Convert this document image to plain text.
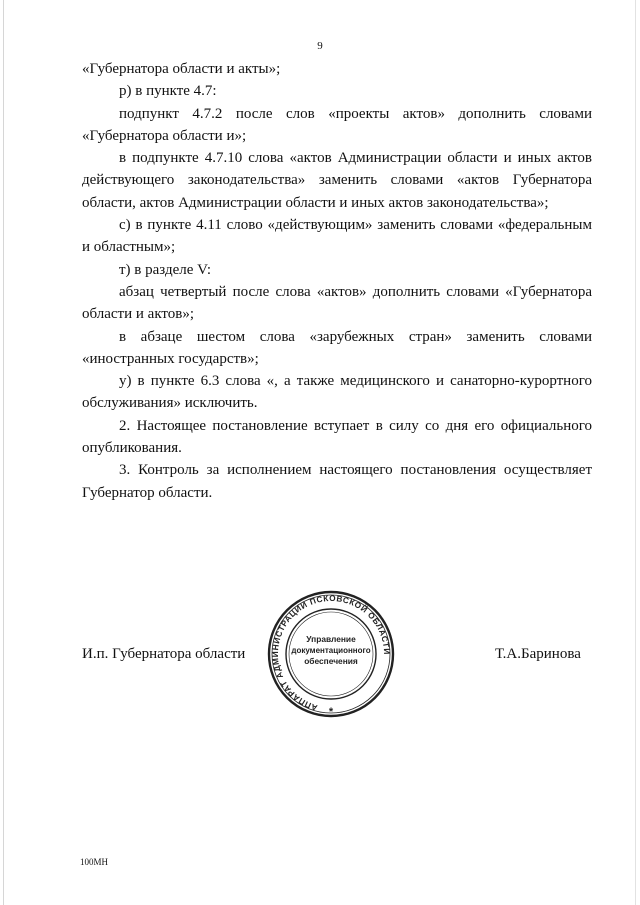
9

«Губернатора области и акты»;

р) в пункте 4.7:

подпункт 4.7.2 после слов «проекты актов» дополнить словами «Губернатора области и»;

в подпункте 4.7.10 слова «актов Администрации области и иных актов действующего законодательства» заменить словами «актов Губернатора области, актов Администрации области и иных актов законодательства»;

с) в пункте 4.11 слово «действующим» заменить словами «федеральным и областным»;

т) в разделе V:

абзац четвертый после слова «актов» дополнить словами «Губернатора области и актов»;

в абзаце шестом слова «зарубежных стран» заменить словами «иностранных государств»;

у) в пункте 6.3 слова «, а также медицинского и санаторно-курортного обслуживания» исключить.

2. Настоящее постановление вступает в силу со дня его официального опубликования.

3. Контроль за исполнением настоящего постановления осуществляет Губернатор области.

И.п. Губернатора области
АППАРАТ АДМИНИСТРАЦИИ ПСКОВСКОЙ ОБЛАСТИ
Управление
документационного
обеспечения
*
Т.А.Баринова
100МН
